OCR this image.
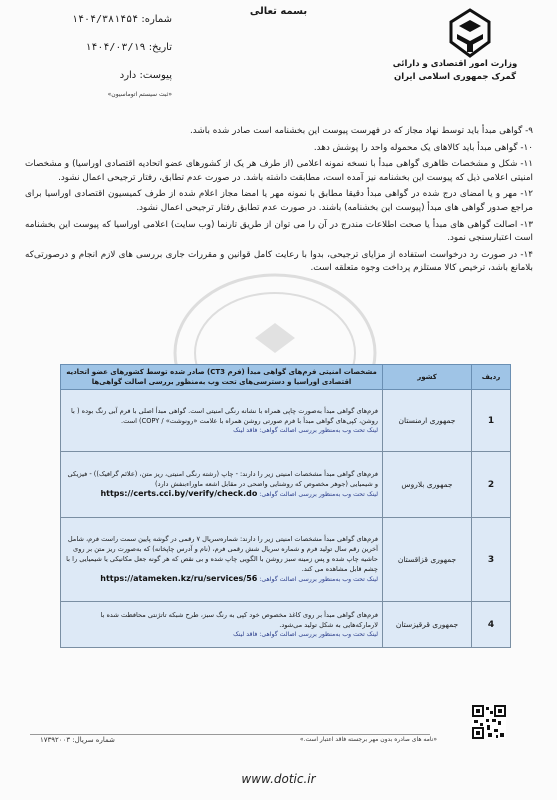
بسمه تعالی
وزارت امور اقتصادی و دارائی
گمرک جمهوری اسلامی ایران
شماره: ۱۴۰۴/۳۸۱۴۵۴
تاریخ: ۱۴۰۴/۰۳/۱۹
پیوست: دارد
«ثبت سیستم اتوماسیون»

۹- گواهی مبدأ باید توسط نهاد مجاز که در فهرست پیوست این بخشنامه است صادر شده باشد.

۱۰- گواهی مبدأ باید کالاهای یک محموله واحد را پوشش دهد.

۱۱- شکل و مشخصات ظاهری گواهی مبدأ با نسخه نمونه اعلامی (از طرف هر یک از کشورهای عضو اتحادیه اقتصادی اوراسیا) و مشخصات امنیتی اعلامی ذیل که پیوست این بخشنامه نیز آمده است، مطابقت داشته باشد. در صورت عدم تطابق، رفتار ترجیحی اعمال نشود.

۱۲- مهر و یا امضای درج شده در گواهی مبدأ دقیقا مطابق با نمونه مهر یا امضا مجاز اعلام شده از طرف کمیسیون اقتصادی اوراسیا برای مراجع صدور گواهی های مبدأ (پیوست این بخشنامه) باشند. در صورت عدم تطابق رفتار ترجیحی اعمال نشود.

۱۳- اصالت گواهی های مبدأ یا صحت اطلاعات مندرج در آن را می توان از طریق تارنما (وب سایت) اعلامی اوراسیا که پیوست این بخشنامه است اعتبارسنجی نمود.

۱۴- در صورت رد درخواست استفاده از مزایای ترجیحی، بدوا با رعایت کامل قوانین و مقررات جاری بررسی های لازم انجام و درصورتی‌که بلامانع باشد، ترخیص کالا مستلزم پرداخت وجوه متعلقه است.

ردیف	کشور	مشخصات امنیتی فرم‌های گواهی مبدأ (فرم CT3) صادر شده توسط کشورهای عضو اتحادیه اقتصادی اوراسیا و دسترسی‌های تحت وب به‌منظور بررسی اصالت گواهی‌ها
1	جمهوری ارمنستان	فرم‌های گواهی مبدأ به‌صورت چاپی همراه با نشانه رنگی امنیتی است. گواهی مبدأ اصلی با فرم آبی رنگ بوده ( با روشن، کپی‌های گواهی مبدأ با فرم صورتی روشن همراه با علامت «رونوشت» / COPY) است.
لینک تحت وب به‌منظور بررسی اصالت گواهی: فاقد لینک

2	جمهوری بلاروس	فرم‌های گواهی مبدأ مشخصات امنیتی زیر را دارند: - چاپ (رشته رنگی امنیتی، ریز متن، (علائم گرافیک)) - فیزیکی و شیمیایی (جوهر مخصوص که روشنایی واضحی در مقابل اشعه ماوراءبنفش دارد)
لینک تحت وب به‌منظور بررسی اصالت گواهی: https://certs.cci.by/verify/check.do

3	جمهوری قزاقستان	فرم‌های گواهی مبدأ مشخصات امنیتی زیر را دارند: شماره‌سریال ۷ رقمی در گوشه پایین سمت راست فرم، شامل آخرین رقم سال تولید فرم و شماره سریال شش رقمی فرم، (نام و آدرس چاپخانه) که به‌صورت ریز متن بر روی حاشیه چاپ شده و پس زمینه سبز روشن با الگویی چاپ شده و بی نقص که هر گونه جعل مکانیکی یا شیمیایی را با چشم قابل مشاهده می کند.
لینک تحت وب به‌منظور بررسی اصالت گواهی: https://atameken.kz/ru/services/56

4	جمهوری قرقیزستان	فرم‌های گواهی مبدأ بر روی کاغذ مخصوص خود کپی به رنگ سبز، طرح شبکه تاتژنتی محافظت شده با لارمارکه‌هایی به شکل تولید می‌شود.
لینک تحت وب به‌منظور بررسی اصالت گواهی: فاقد لینک
«نامه های صادره بدون مهر برجسته فاقد اعتبار است.»
شماره سریال: ۱۷۳۹۲۰۰۳
www.dotic.ir
